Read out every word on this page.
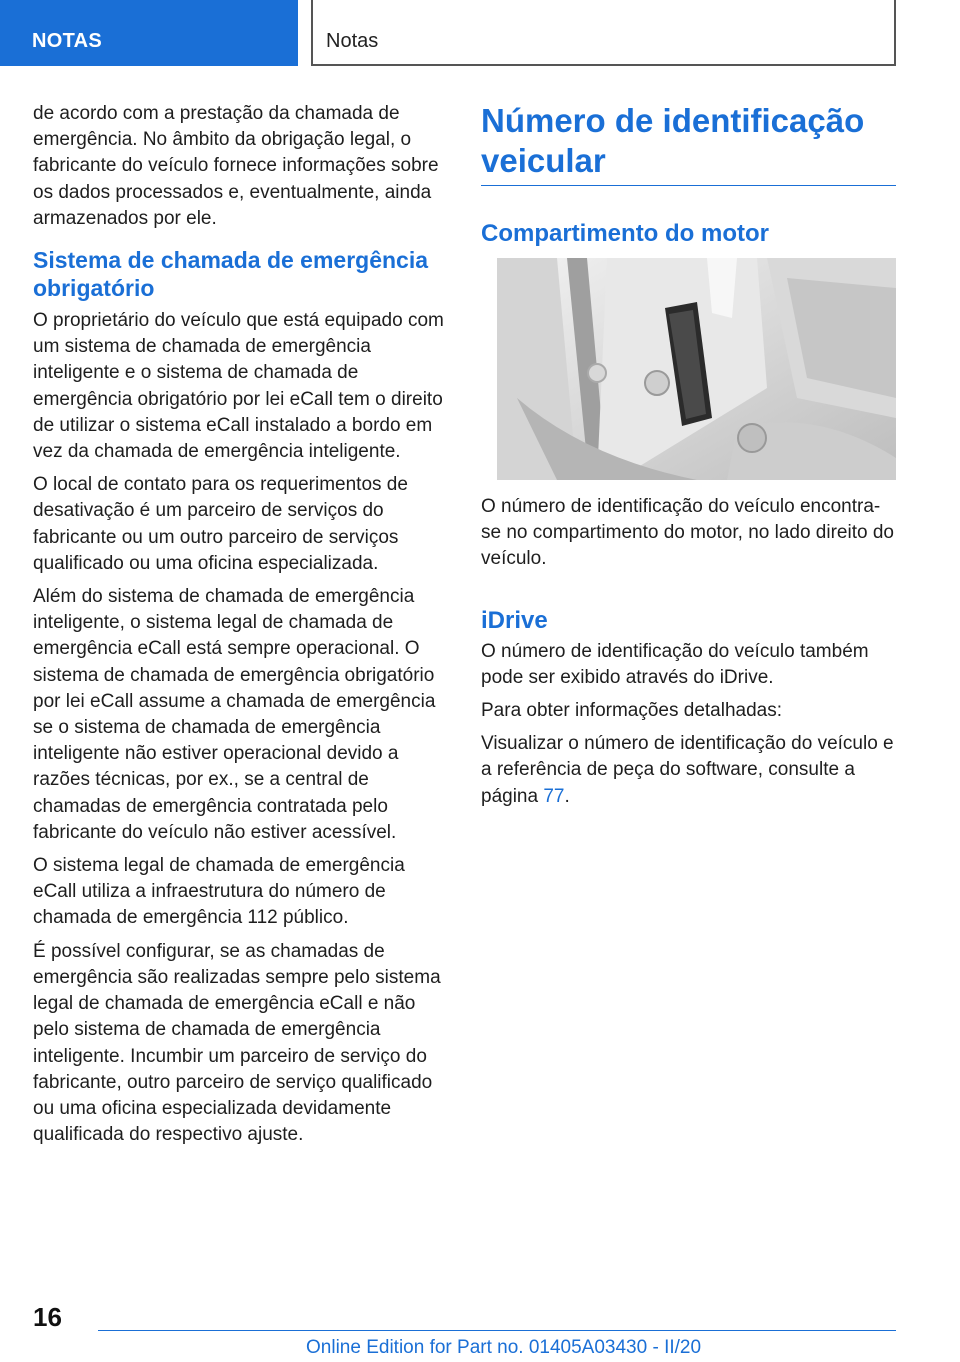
NOTAS	Notas

de acordo com a prestação da chamada de emergência. No âmbito da obrigação legal, o fabricante do veículo fornece informações sobre os dados processados e, eventualmente, ainda armazenados por ele.

Sistema de chamada de emergência obrigatório

O proprietário do veículo que está equipado com um sistema de chamada de emergência inteligente e o sistema de chamada de emergência obrigatório por lei eCall tem o direito de utilizar o sistema eCall instalado a bordo em vez da chamada de emergência inteligente.

O local de contato para os requerimentos de desativação é um parceiro de serviços do fabricante ou um outro parceiro de serviços qualificado ou uma oficina especializada.

Além do sistema de chamada de emergência inteligente, o sistema legal de chamada de emergência eCall está sempre operacional. O sistema de chamada de emergência obrigatório por lei eCall assume a chamada de emergência se o sistema de chamada de emergência inteligente não estiver operacional devido a razões técnicas, por ex., se a central de chamadas de emergência contratada pelo fabricante do veículo não estiver acessível.

O sistema legal de chamada de emergência eCall utiliza a infraestrutura do número de chamada de emergência 112 público.

É possível configurar, se as chamadas de emergência são realizadas sempre pelo sistema legal de chamada de emergência eCall e não pelo sistema de chamada de emergência inteligente. Incumbir um parceiro de serviço do fabricante, outro parceiro de serviço qualificado ou uma oficina especializada devidamente qualificada do respectivo ajuste.

Número de identificação veicular
Compartimento do motor

O número de identificação do veículo encontra-se no compartimento do motor, no lado direito do veículo.

iDrive

O número de identificação do veículo também pode ser exibido através do iDrive.

Para obter informações detalhadas:

Visualizar o número de identificação do veículo e a referência de peça do software, consulte a página 77.

16
Online Edition for Part no. 01405A03430 - II/20
